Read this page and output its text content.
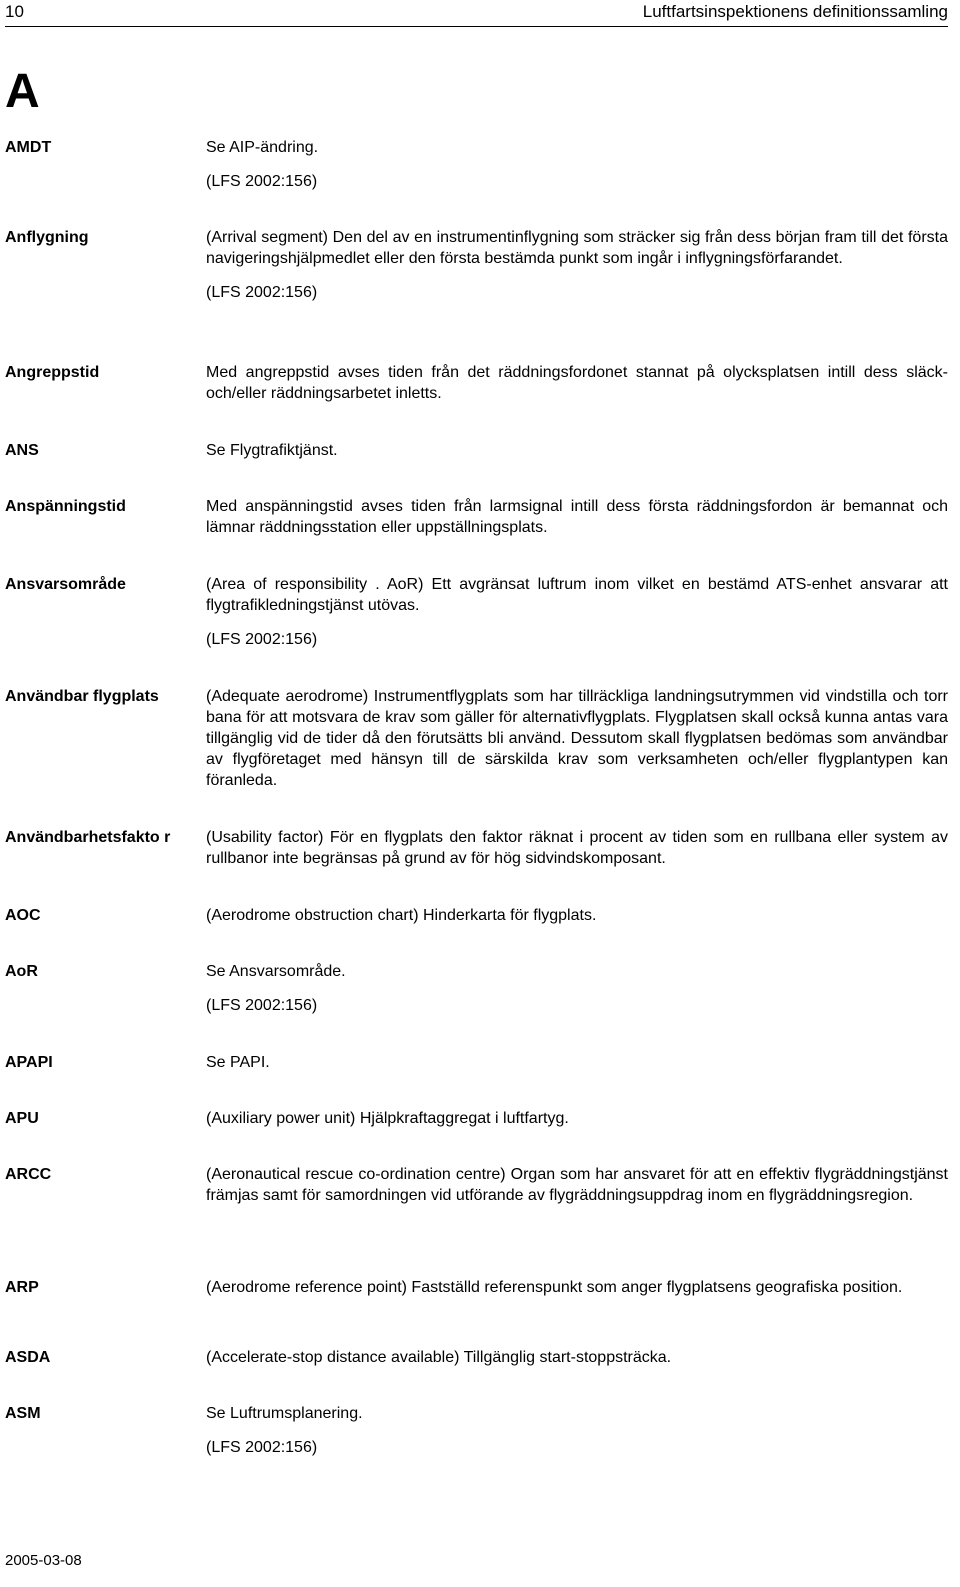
10	Luftfartsinspektionens definitionssamling
A
AMDT	Se AIP-ändring.

(LFS 2002:156)

Anflygning	(Arrival segment) Den del av en instrumentinflygning som sträcker sig från dess början fram till det första navigeringshjälpmedlet eller den första bestämda punkt som ingår i inflygningsförfarandet.

(LFS 2002:156)

Angreppstid	Med angreppstid avses tiden från det räddningsfordonet stannat på olycksplatsen intill dess släck- och/eller räddningsarbetet inletts.

ANS	Se Flygtrafiktjänst.

Anspänningstid	Med anspänningstid avses tiden från larmsignal intill dess första räddningsfordon är bemannat och lämnar räddningsstation eller uppställningsplats.

Ansvarsområde	(Area of responsibility . AoR) Ett avgränsat luftrum inom vilket en bestämd ATS-enhet ansvarar att flygtrafikledningstjänst utövas.

(LFS 2002:156)

Användbar flygplats	(Adequate aerodrome) Instrumentflygplats som har tillräckliga landningsutrymmen vid vindstilla och torr bana för att motsvara de krav som gäller för alternativflygplats. Flygplatsen skall också kunna antas vara tillgänglig vid de tider då den förutsätts bli använd. Dessutom skall flygplatsen bedömas som användbar av flygföretaget med hänsyn till de särskilda krav som verksamheten och/eller flygplantypen kan föranleda.

Användbarhetsfakto r	(Usability factor) För en flygplats den faktor räknat i procent av tiden som en rullbana eller system av rullbanor inte begränsas på grund av för hög sidvindskomposant.

AOC	(Aerodrome obstruction chart) Hinderkarta för flygplats.

AoR	Se Ansvarsområde.

(LFS 2002:156)

APAPI	Se PAPI.

APU	(Auxiliary power unit) Hjälpkraftaggregat i luftfartyg.

ARCC	(Aeronautical rescue co-ordination centre) Organ som har ansvaret för att en effektiv flygräddningstjänst främjas samt för samordningen vid utförande av flygräddningsuppdrag inom en flygräddningsregion.

ARP	(Aerodrome reference point) Fastställd referenspunkt som anger flygplatsens geografiska position.

ASDA	(Accelerate-stop distance available) Tillgänglig start-stoppsträcka.

ASM	Se Luftrumsplanering.

(LFS 2002:156)

2005-03-08
